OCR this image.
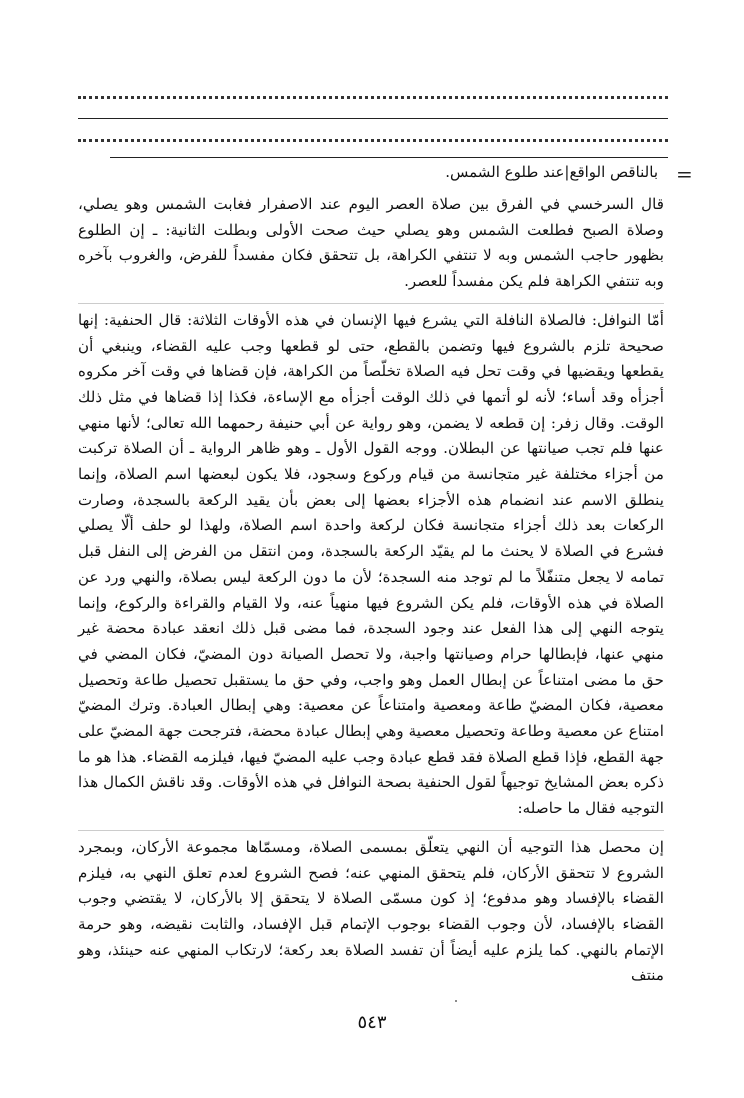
=
بالناقص الواقع|عند طلوع الشمس.

قال السرخسي في الفرق بين صلاة العصر اليوم عند الاصفرار فغابت الشمس وهو يصلي، وصلاة الصبح فطلعت الشمس وهو يصلي حيث صحت الأولى وبطلت الثانية: ـ إن الطلوع بظهور حاجب الشمس وبه لا تنتفي الكراهة، بل تتحقق فكان مفسداً للفرض، والغروب بآخره وبه تنتفي الكراهة فلم يكن مفسداً للعصر.

أمّا النوافل: فالصلاة النافلة التي يشرع فيها الإنسان في هذه الأوقات الثلاثة: قال الحنفية: إنها صحيحة تلزم بالشروع فيها وتضمن بالقطع، حتى لو قطعها وجب عليه القضاء، وينبغي أن يقطعها ويقضيها في وقت تحل فيه الصلاة تخلّصاً من الكراهة، فإن قضاها في وقت آخر مكروه أجزأه وقد أساء؛ لأنه لو أتمها في ذلك الوقت أجزأه مع الإساءة، فكذا إذا قضاها في مثل ذلك الوقت. وقال زفر: إن قطعه لا يضمن، وهو رواية عن أبي حنيفة رحمهما الله تعالى؛ لأنها منهي عنها فلم تجب صيانتها عن البطلان. ووجه القول الأول ـ وهو ظاهر الرواية ـ أن الصلاة تركبت من أجزاء مختلفة غير متجانسة من قيام وركوع وسجود، فلا يكون لبعضها اسم الصلاة، وإنما ينطلق الاسم عند انضمام هذه الأجزاء بعضها إلى بعض بأن يقيد الركعة بالسجدة، وصارت الركعات بعد ذلك أجزاء متجانسة فكان لركعة واحدة اسم الصلاة، ولهذا لو حلف ألّا يصلي فشرع في الصلاة لا يحنث ما لم يقيّد الركعة بالسجدة، ومن انتقل من الفرض إلى النفل قبل تمامه لا يجعل متنفّلاً ما لم توجد منه السجدة؛ لأن ما دون الركعة ليس بصلاة، والنهي ورد عن الصلاة في هذه الأوقات، فلم يكن الشروع فيها منهياً عنه، ولا القيام والقراءة والركوع، وإنما يتوجه النهي إلى هذا الفعل عند وجود السجدة، فما مضى قبل ذلك انعقد عبادة محضة غير منهي عنها، فإبطالها حرام وصيانتها واجبة، ولا تحصل الصيانة دون المضيّ، فكان المضي في حق ما مضى امتناعاً عن إبطال العمل وهو واجب، وفي حق ما يستقبل تحصيل طاعة وتحصيل معصية، فكان المضيّ طاعة ومعصية وامتناعاً عن معصية: وهي إبطال العبادة. وترك المضيّ امتناع عن معصية وطاعة وتحصيل معصية وهي إبطال عبادة محضة، فترجحت جهة المضيّ على جهة القطع، فإذا قطع الصلاة فقد قطع عبادة وجب عليه المضيّ فيها، فيلزمه القضاء. هذا هو ما ذكره بعض المشايخ توجيهاً لقول الحنفية بصحة النوافل في هذه الأوقات. وقد ناقش الكمال هذا التوجيه فقال ما حاصله:

إن محصل هذا التوجيه أن النهي يتعلّق بمسمى الصلاة، ومسمّاها مجموعة الأركان، وبمجرد الشروع لا تتحقق الأركان، فلم يتحقق المنهي عنه؛ فصح الشروع لعدم تعلق النهي به، فيلزم القضاء بالإفساد وهو مدفوع؛ إذ كون مسمّى الصلاة لا يتحقق إلا بالأركان، لا يقتضي وجوب القضاء بالإفساد، لأن وجوب القضاء بوجوب الإتمام قبل الإفساد، والثابت نقيضه، وهو حرمة الإتمام بالنهي. كما يلزم عليه أيضاً أن تفسد الصلاة بعد ركعة؛ لارتكاب المنهي عنه حينئذ، وهو منتف

٥٤٣
